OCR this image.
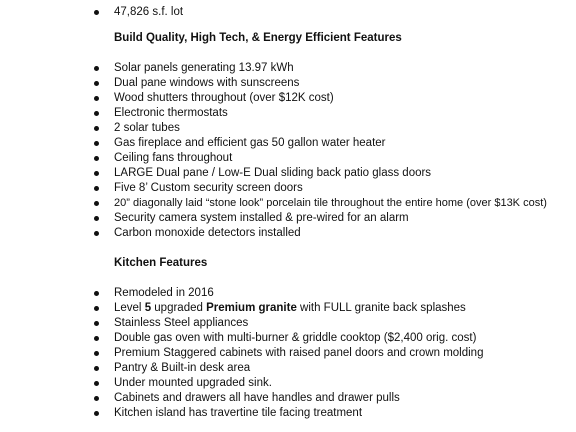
47,826 s.f. lot
Build Quality, High Tech, & Energy Efficient Features
Solar panels generating 13.97 kWh
Dual pane windows with sunscreens
Wood shutters throughout (over $12K cost)
Electronic thermostats
2 solar tubes
Gas fireplace and efficient gas 50 gallon water heater
Ceiling fans throughout
LARGE Dual pane / Low-E Dual sliding back patio glass doors
Five 8’ Custom security screen doors
20” diagonally laid “stone look” porcelain tile throughout the entire home (over $13K cost)
Security camera system installed & pre-wired for an alarm
Carbon monoxide detectors installed
Kitchen Features
Remodeled in 2016
Level 5 upgraded Premium granite with FULL granite back splashes
Stainless Steel appliances
Double gas oven with multi-burner & griddle cooktop ($2,400 orig. cost)
Premium Staggered cabinets with raised panel doors and crown molding
Pantry & Built-in desk area
Under mounted upgraded sink.
Cabinets and drawers all have handles and drawer pulls
Kitchen island has travertine tile facing treatment
